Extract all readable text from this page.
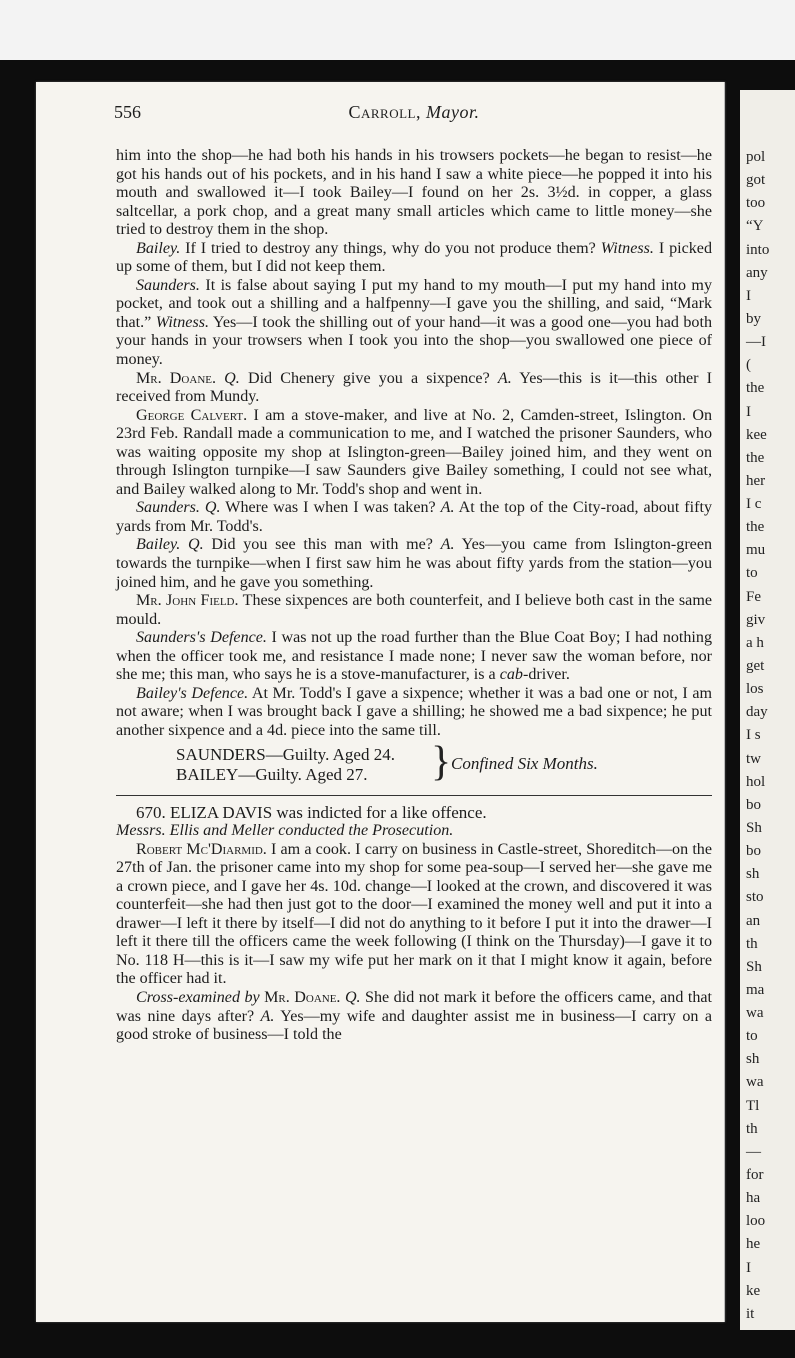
pol
got
too
“Y
into
any
I
by
—I
(
the
I
kee
the
her
I c
the
mu
to
Fe
giv
a h
get
los
day
I s
tw
hol
bo
Sh
bo
sh
sto
an
th
Sh
ma
wa
to
sh
wa
Tl
th
—
for
ha
loo
he
I
ke
it
556	Carroll, Mayor.

him into the shop—he had both his hands in his trowsers pockets—he began to resist—he got his hands out of his pockets, and in his hand I saw a white piece—he popped it into his mouth and swallowed it—I took Bailey—I found on her 2s. 3½d. in copper, a glass saltcellar, a pork chop, and a great many small articles which came to little money—she tried to destroy them in the shop.

Bailey. If I tried to destroy any things, why do you not produce them? Witness. I picked up some of them, but I did not keep them.

Saunders. It is false about saying I put my hand to my mouth—I put my hand into my pocket, and took out a shilling and a halfpenny—I gave you the shilling, and said, “Mark that.” Witness. Yes—I took the shilling out of your hand—it was a good one—you had both your hands in your trowsers when I took you into the shop—you swallowed one piece of money.

Mr. Doane. Q. Did Chenery give you a sixpence? A. Yes—this is it—this other I received from Mundy.

George Calvert. I am a stove-maker, and live at No. 2, Camden-street, Islington. On 23rd Feb. Randall made a communication to me, and I watched the prisoner Saunders, who was waiting opposite my shop at Islington-green—Bailey joined him, and they went on through Islington turnpike—I saw Saunders give Bailey something, I could not see what, and Bailey walked along to Mr. Todd's shop and went in.

Saunders. Q. Where was I when I was taken? A. At the top of the City-road, about fifty yards from Mr. Todd's.

Bailey. Q. Did you see this man with me? A. Yes—you came from Islington-green towards the turnpike—when I first saw him he was about fifty yards from the station—you joined him, and he gave you something.

Mr. John Field. These sixpences are both counterfeit, and I believe both cast in the same mould.

Saunders's Defence. I was not up the road further than the Blue Coat Boy; I had nothing when the officer took me, and resistance I made none; I never saw the woman before, nor she me; this man, who says he is a stove-manufacturer, is a cab-driver.

Bailey's Defence. At Mr. Todd's I gave a sixpence; whether it was a bad one or not, I am not aware; when I was brought back I gave a shilling; he showed me a bad sixpence; he put another sixpence and a 4d. piece into the same till.

SAUNDERS—Guilty. Aged 24.
BAILEY—Guilty. Aged 27.	} Confined Six Months.

670. ELIZA DAVIS was indicted for a like offence.

Messrs. Ellis and Meller conducted the Prosecution.

Robert Mc'Diarmid. I am a cook. I carry on business in Castle-street, Shoreditch—on the 27th of Jan. the prisoner came into my shop for some pea-soup—I served her—she gave me a crown piece, and I gave her 4s. 10d. change—I looked at the crown, and discovered it was counterfeit—she had then just got to the door—I examined the money well and put it into a drawer—I left it there by itself—I did not do anything to it before I put it into the drawer—I left it there till the officers came the week following (I think on the Thursday)—I gave it to No. 118 H—this is it—I saw my wife put her mark on it that I might know it again, before the officer had it.

Cross-examined by Mr. Doane. Q. She did not mark it before the officers came, and that was nine days after? A. Yes—my wife and daughter assist me in business—I carry on a good stroke of business—I told the
